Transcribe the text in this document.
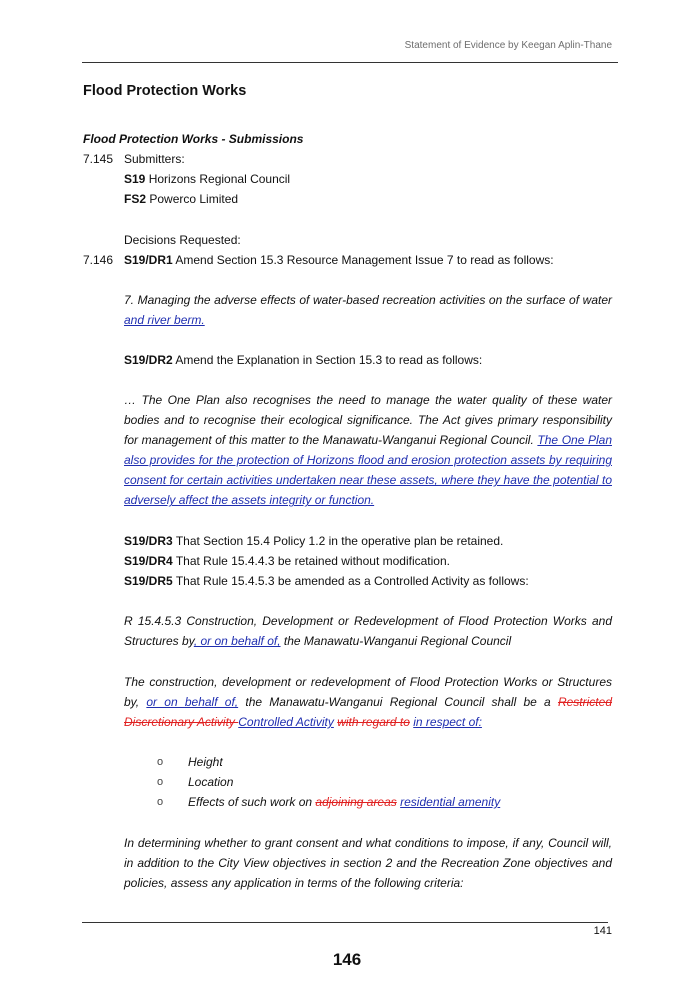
Statement of Evidence by Keegan Aplin-Thane
Flood Protection Works
Flood Protection Works - Submissions
7.145 Submitters:
S19 Horizons Regional Council
FS2 Powerco Limited
Decisions Requested:
7.146 S19/DR1 Amend Section 15.3 Resource Management Issue 7 to read as follows:
7. Managing the adverse effects of water-based recreation activities on the surface of water and river berm.
S19/DR2 Amend the Explanation in Section 15.3 to read as follows:
… The One Plan also recognises the need to manage the water quality of these water bodies and to recognise their ecological significance. The Act gives primary responsibility for management of this matter to the Manawatu-Wanganui Regional Council. The One Plan also provides for the protection of Horizons flood and erosion protection assets by requiring consent for certain activities undertaken near these assets, where they have the potential to adversely affect the assets integrity or function.
S19/DR3 That Section 15.4 Policy 1.2 in the operative plan be retained.
S19/DR4 That Rule 15.4.4.3 be retained without modification.
S19/DR5 That Rule 15.4.5.3 be amended as a Controlled Activity as follows:
R 15.4.5.3 Construction, Development or Redevelopment of Flood Protection Works and Structures by, or on behalf of, the Manawatu-Wanganui Regional Council
The construction, development or redevelopment of Flood Protection Works or Structures by, or on behalf of, the Manawatu-Wanganui Regional Council shall be a Restricted Discretionary Activity Controlled Activity with regard to in respect of:
o Height
o Location
o Effects of such work on adjoining areas residential amenity
In determining whether to grant consent and what conditions to impose, if any, Council will, in addition to the City View objectives in section 2 and the Recreation Zone objectives and policies, assess any application in terms of the following criteria:
141
146
